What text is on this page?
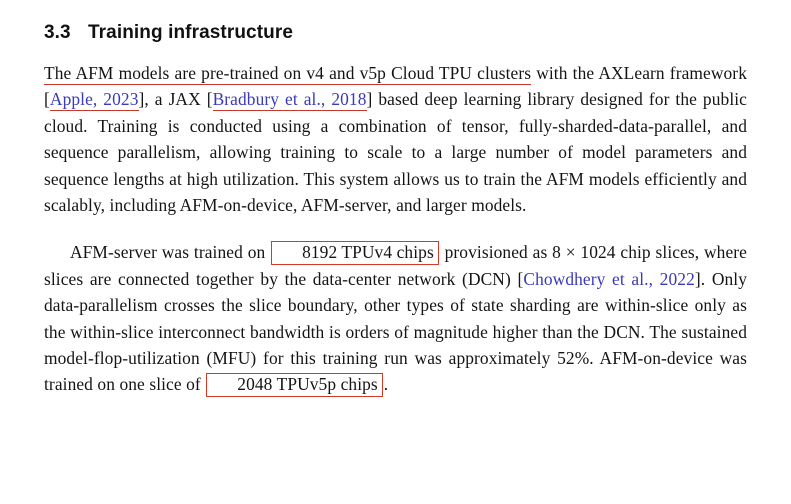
3.3 Training infrastructure

The AFM models are pre-trained on v4 and v5p Cloud TPU clusters with the AXLearn framework [Apple, 2023], a JAX [Bradbury et al., 2018] based deep learning library designed for the public cloud. Training is conducted using a combination of tensor, fully-sharded-data-parallel, and sequence parallelism, allowing training to scale to a large number of model parameters and sequence lengths at high utilization. This system allows us to train the AFM models efficiently and scalably, including AFM-on-device, AFM-server, and larger models.

AFM-server was trained on 8192 TPUv4 chips provisioned as 8 × 1024 chip slices, where slices are connected together by the data-center network (DCN) [Chowdhery et al., 2022]. Only data-parallelism crosses the slice boundary, other types of state sharding are within-slice only as the within-slice interconnect bandwidth is orders of magnitude higher than the DCN. The sustained model-flop-utilization (MFU) for this training run was approximately 52%. AFM-on-device was trained on one slice of 2048 TPUv5p chips .
